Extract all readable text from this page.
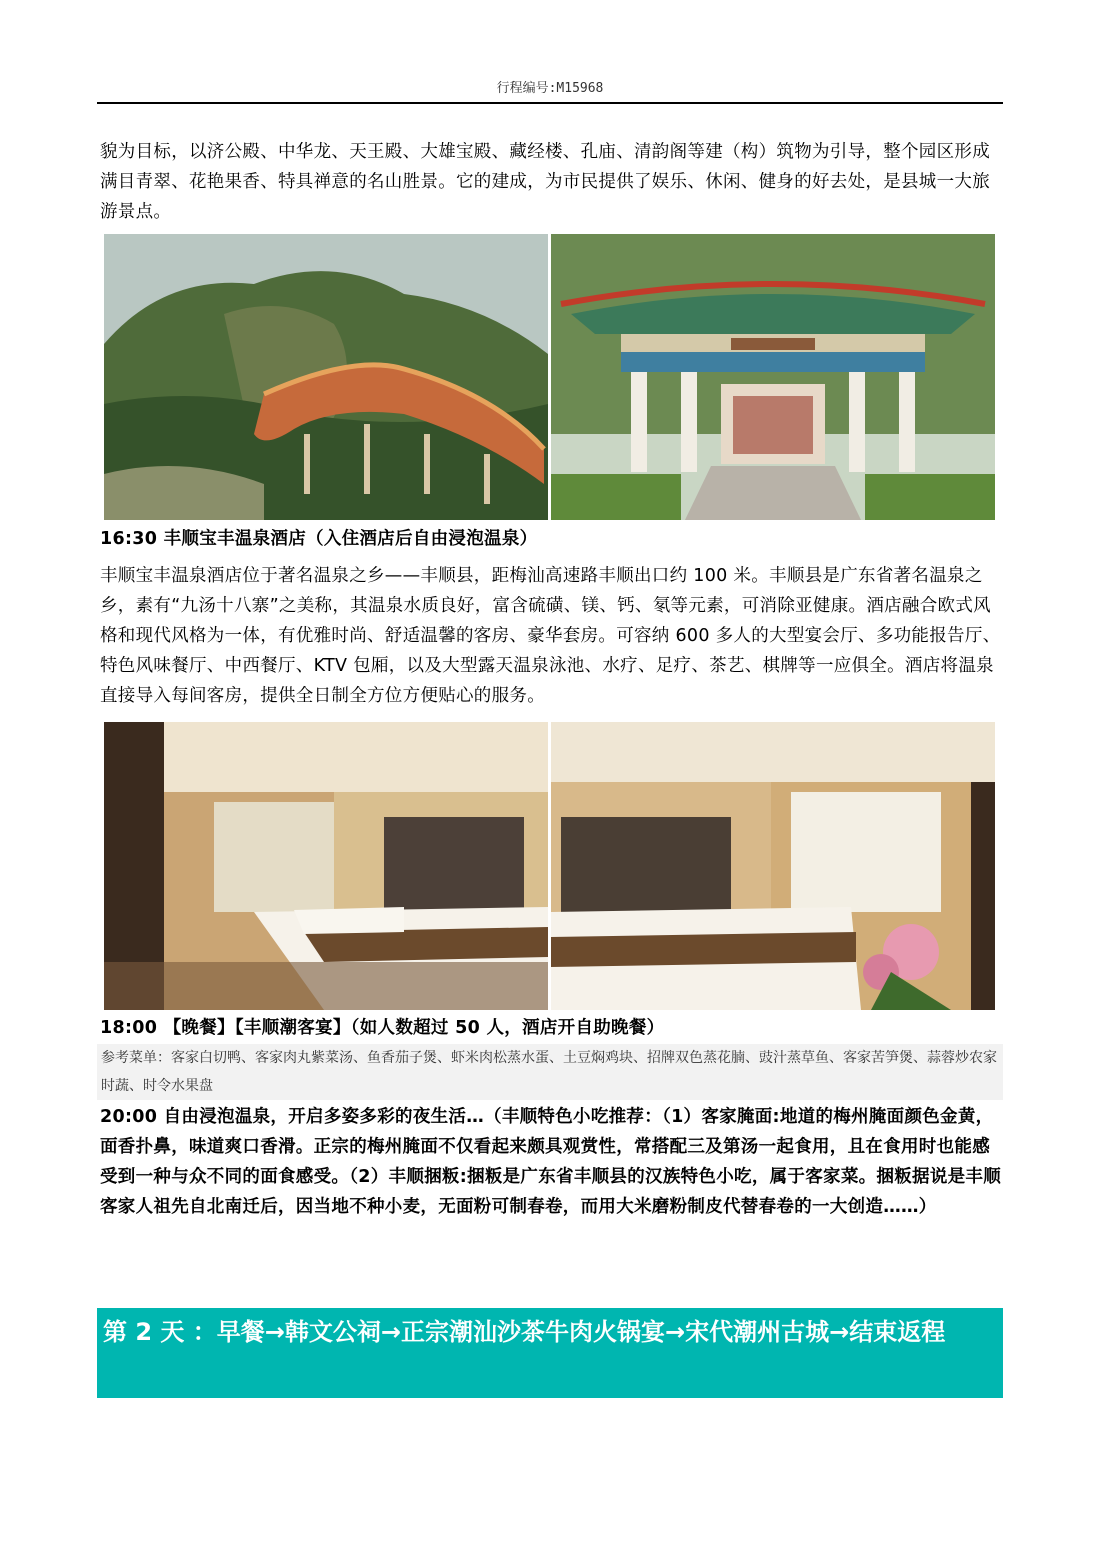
行程编号:M15968
貌为目标，以济公殿、中华龙、天王殿、大雄宝殿、藏经楼、孔庙、清韵阁等建（构）筑物为引导，整个园区形成满目青翠、花艳果香、特具禅意的名山胜景。它的建成，为市民提供了娱乐、休闲、健身的好去处，是县城一大旅游景点。
16:30 丰顺宝丰温泉酒店（入住酒店后自由浸泡温泉）
丰顺宝丰温泉酒店位于著名温泉之乡——丰顺县，距梅汕高速路丰顺出口约 100 米。丰顺县是广东省著名温泉之乡，素有“九汤十八寨”之美称，其温泉水质良好，富含硫磺、镁、钙、氡等元素，可消除亚健康。酒店融合欧式风格和现代风格为一体，有优雅时尚、舒适温馨的客房、豪华套房。可容纳 600 多人的大型宴会厅、多功能报告厅、特色风味餐厅、中西餐厅、KTV 包厢，以及大型露天温泉泳池、水疗、足疗、茶艺、棋牌等一应俱全。酒店将温泉直接导入每间客房，提供全日制全方位方便贴心的服务。
18:00 【晚餐】【丰顺潮客宴】（如人数超过 50 人，酒店开自助晚餐）
参考菜单：客家白切鸭、客家肉丸紫菜汤、鱼香茄子煲、虾米肉松蒸水蛋、土豆焖鸡块、招牌双色蒸花腩、豉汁蒸草鱼、客家苦笋煲、蒜蓉炒农家时蔬、时令水果盘
20:00 自由浸泡温泉，开启多姿多彩的夜生活…（丰顺特色小吃推荐：（1）客家腌面:地道的梅州腌面颜色金黄，面香扑鼻，味道爽口香滑。正宗的梅州腌面不仅看起来颇具观赏性，常搭配三及第汤一起食用，且在食用时也能感受到一种与众不同的面食感受。（2）丰顺捆粄:捆粄是广东省丰顺县的汉族特色小吃，属于客家菜。捆粄据说是丰顺客家人祖先自北南迁后，因当地不种小麦，无面粉可制春卷，而用大米磨粉制皮代替春卷的一大创造……）
第 2 天 ：早餐→韩文公祠→正宗潮汕沙茶牛肉火锅宴→宋代潮州古城→结束返程
